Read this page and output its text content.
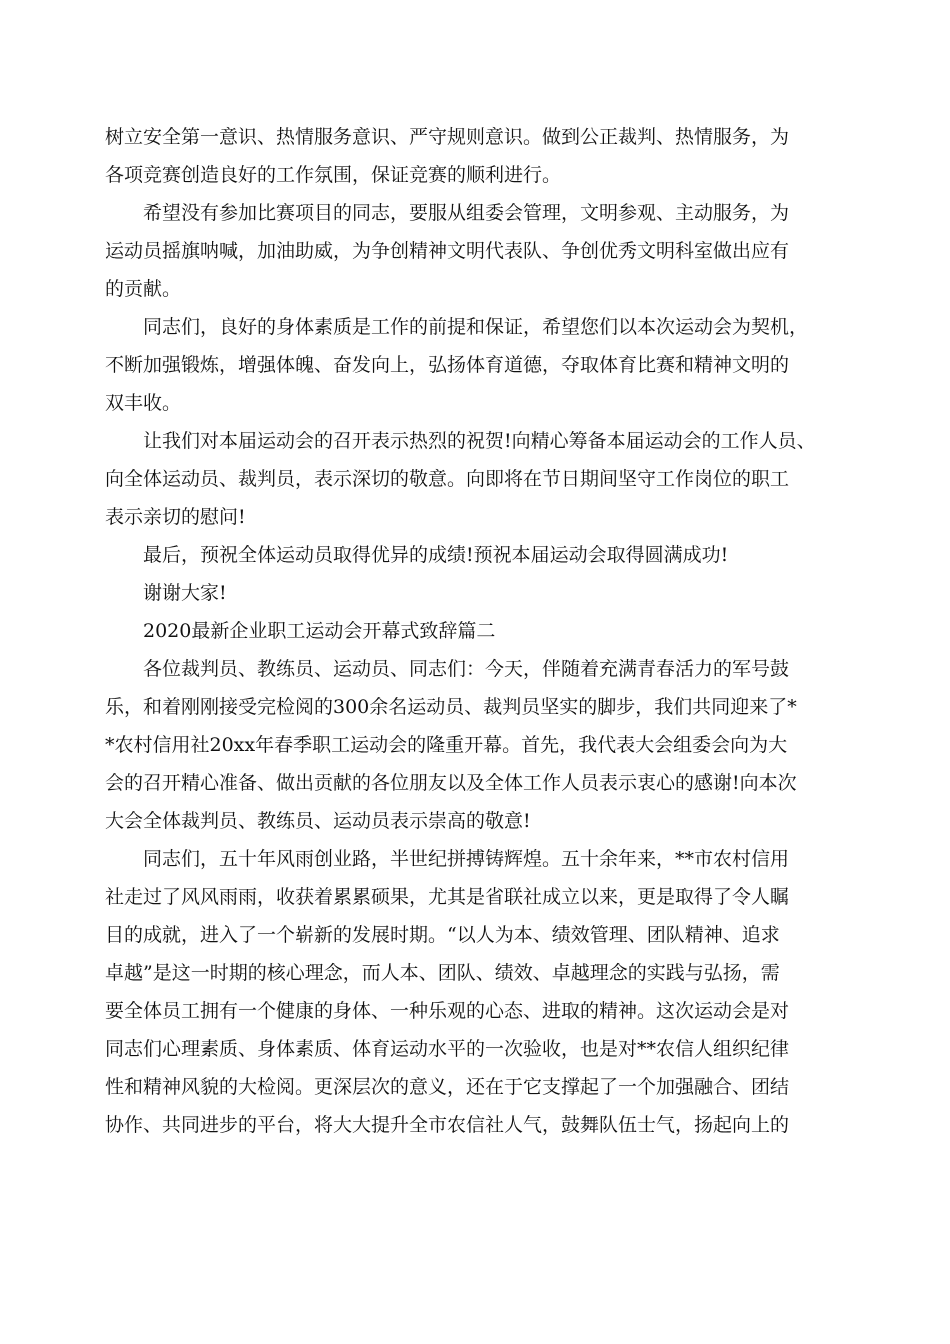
树立安全第一意识、热情服务意识、严守规则意识。做到公正裁判、热情服务，为
各项竞赛创造良好的工作氛围，保证竞赛的顺利进行。

希望没有参加比赛项目的同志，要服从组委会管理，文明参观、主动服务，为
运动员摇旗呐喊，加油助威，为争创精神文明代表队、争创优秀文明科室做出应有
的贡献。

同志们，良好的身体素质是工作的前提和保证，希望您们以本次运动会为契机，
不断加强锻炼，增强体魄、奋发向上，弘扬体育道德，夺取体育比赛和精神文明的
双丰收。

让我们对本届运动会的召开表示热烈的祝贺!向精心筹备本届运动会的工作人员、
向全体运动员、裁判员，表示深切的敬意。向即将在节日期间坚守工作岗位的职工
表示亲切的慰问!

最后，预祝全体运动员取得优异的成绩!预祝本届运动会取得圆满成功!

谢谢大家!

2020最新企业职工运动会开幕式致辞篇二

各位裁判员、教练员、运动员、同志们：今天，伴随着充满青春活力的军号鼓
乐，和着刚刚接受完检阅的300余名运动员、裁判员坚实的脚步，我们共同迎来了*
*农村信用社20xx年春季职工运动会的隆重开幕。首先，我代表大会组委会向为大
会的召开精心准备、做出贡献的各位朋友以及全体工作人员表示衷心的感谢!向本次
大会全体裁判员、教练员、运动员表示崇高的敬意!

同志们，五十年风雨创业路，半世纪拼搏铸辉煌。五十余年来，**市农村信用
社走过了风风雨雨，收获着累累硕果，尤其是省联社成立以来，更是取得了令人瞩
目的成就，进入了一个崭新的发展时期。“以人为本、绩效管理、团队精神、追求
卓越”是这一时期的核心理念，而人本、团队、绩效、卓越理念的实践与弘扬，需
要全体员工拥有一个健康的身体、一种乐观的心态、进取的精神。这次运动会是对
同志们心理素质、身体素质、体育运动水平的一次验收，也是对**农信人组织纪律
性和精神风貌的大检阅。更深层次的意义，还在于它支撑起了一个加强融合、团结
协作、共同进步的平台，将大大提升全市农信社人气，鼓舞队伍士气，扬起向上的
